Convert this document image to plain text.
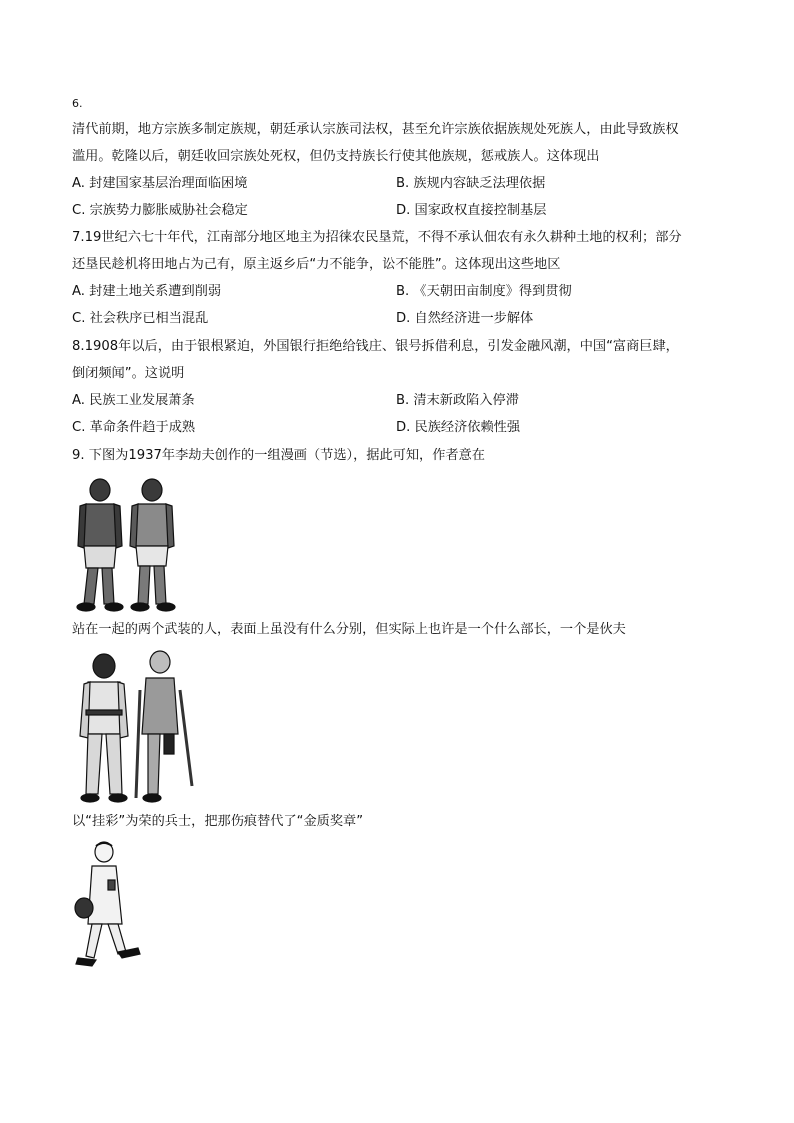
6.
清代前期，地方宗族多制定族规，朝廷承认宗族司法权，甚至允许宗族依据族规处死族人，由此导致族权
滥用。乾隆以后，朝廷收回宗族处死权，但仍支持族长行使其他族规，惩戒族人。这体现出
A. 封建国家基层治理面临困境	B. 族规内容缺乏法理依据
C. 宗族势力膨胀威胁社会稳定	D. 国家政权直接控制基层
7.19世纪六七十年代，江南部分地区地主为招徕农民垦荒，不得不承认佃农有永久耕种土地的权利；部分
还垦民趁机将田地占为己有，原主返乡后“力不能争，讼不能胜”。这体现出这些地区
A. 封建土地关系遭到削弱	B. 《天朝田亩制度》得到贯彻
C. 社会秩序已相当混乱	D. 自然经济进一步解体
8.1908年以后，由于银根紧迫，外国银行拒绝给钱庄、银号拆借利息，引发金融风潮，中国“富商巨肆，
倒闭频闻”。这说明
A. 民族工业发展萧条	B. 清末新政陷入停滞
C. 革命条件趋于成熟	D. 民族经济依赖性强
9. 下图为1937年李劫夫创作的一组漫画（节选），据此可知，作者意在
站在一起的两个武装的人，表面上虽没有什么分别，但实际上也许是一个什么部长，一个是伙夫
以“挂彩”为荣的兵士，把那伤痕替代了“金质奖章”
